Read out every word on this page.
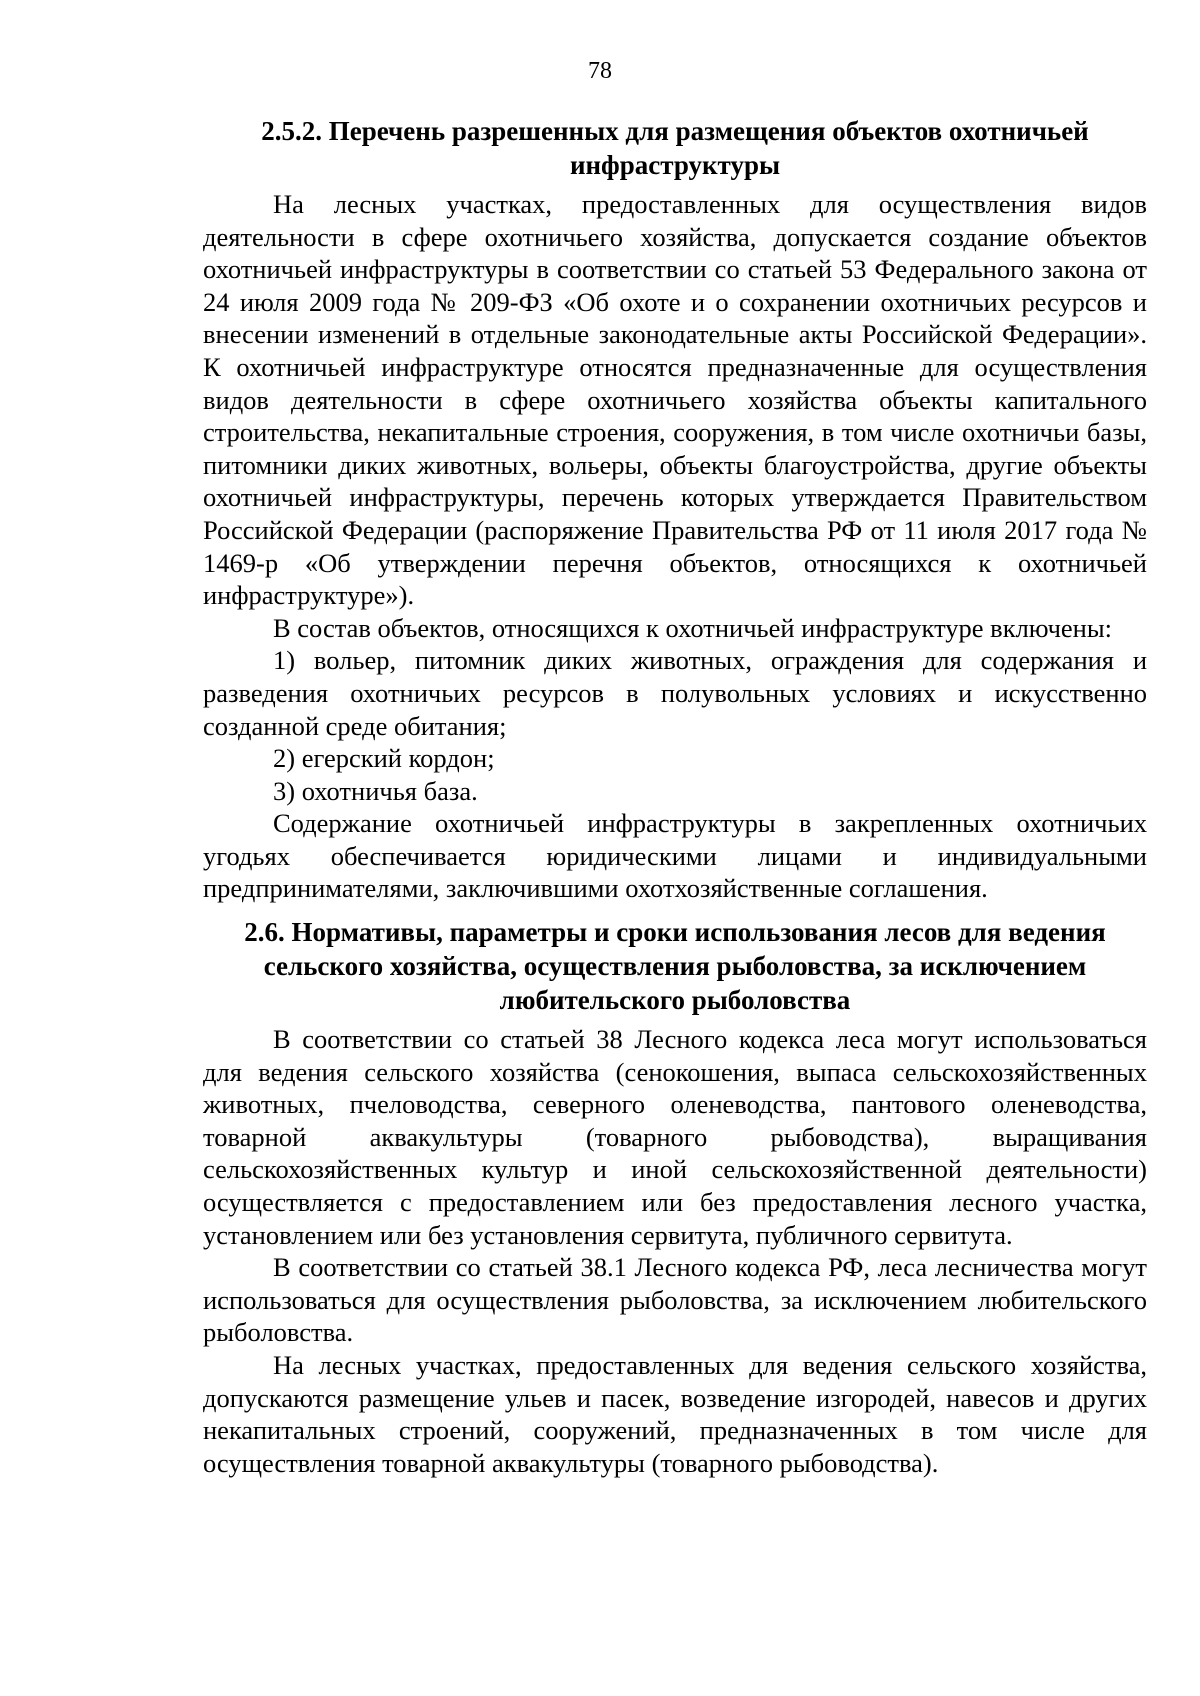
78
2.5.2. Перечень разрешенных для размещения объектов охотничьей инфраструктуры

На лесных участках, предоставленных для осуществления видов деятельности в сфере охотничьего хозяйства, допускается создание объектов охотничьей инфраструктуры в соответствии со статьей 53 Федерального закона от 24 июля 2009 года № 209-ФЗ «Об охоте и о сохранении охотничьих ресурсов и внесении изменений в отдельные законодательные акты Российской Федерации». К охотничьей инфраструктуре относятся предназначенные для осуществления видов деятельности в сфере охотничьего хозяйства объекты капитального строительства, некапитальные строения, сооружения, в том числе охотничьи базы, питомники диких животных, вольеры, объекты благоустройства, другие объекты охотничьей инфраструктуры, перечень которых утверждается Правительством Российской Федерации (распоряжение Правительства РФ от 11 июля 2017 года № 1469-р «Об утверждении перечня объектов, относящихся к охотничьей инфраструктуре»).

В состав объектов, относящихся к охотничьей инфраструктуре включены:

1) вольер, питомник диких животных, ограждения для содержания и разведения охотничьих ресурсов в полувольных условиях и искусственно созданной среде обитания;

2) егерский кордон;

3) охотничья база.

Содержание охотничьей инфраструктуры в закрепленных охотничьих угодьях обеспечивается юридическими лицами и индивидуальными предпринимателями, заключившими охотхозяйственные соглашения.

2.6. Нормативы, параметры и сроки использования лесов для ведения сельского хозяйства, осуществления рыболовства, за исключением любительского рыболовства

В соответствии со статьей 38 Лесного кодекса леса могут использоваться для ведения сельского хозяйства (сенокошения, выпаса сельскохозяйственных животных, пчеловодства, северного оленеводства, пантового оленеводства, товарной аквакультуры (товарного рыбоводства), выращивания сельскохозяйственных культур и иной сельскохозяйственной деятельности) осуществляется с предоставлением или без предоставления лесного участка, установлением или без установления сервитута, публичного сервитута.

В соответствии со статьей 38.1 Лесного кодекса РФ, леса лесничества могут использоваться для осуществления рыболовства, за исключением любительского рыболовства.

На лесных участках, предоставленных для ведения сельского хозяйства, допускаются размещение ульев и пасек, возведение изгородей, навесов и других некапитальных строений, сооружений, предназначенных в том числе для осуществления товарной аквакультуры (товарного рыбоводства).
